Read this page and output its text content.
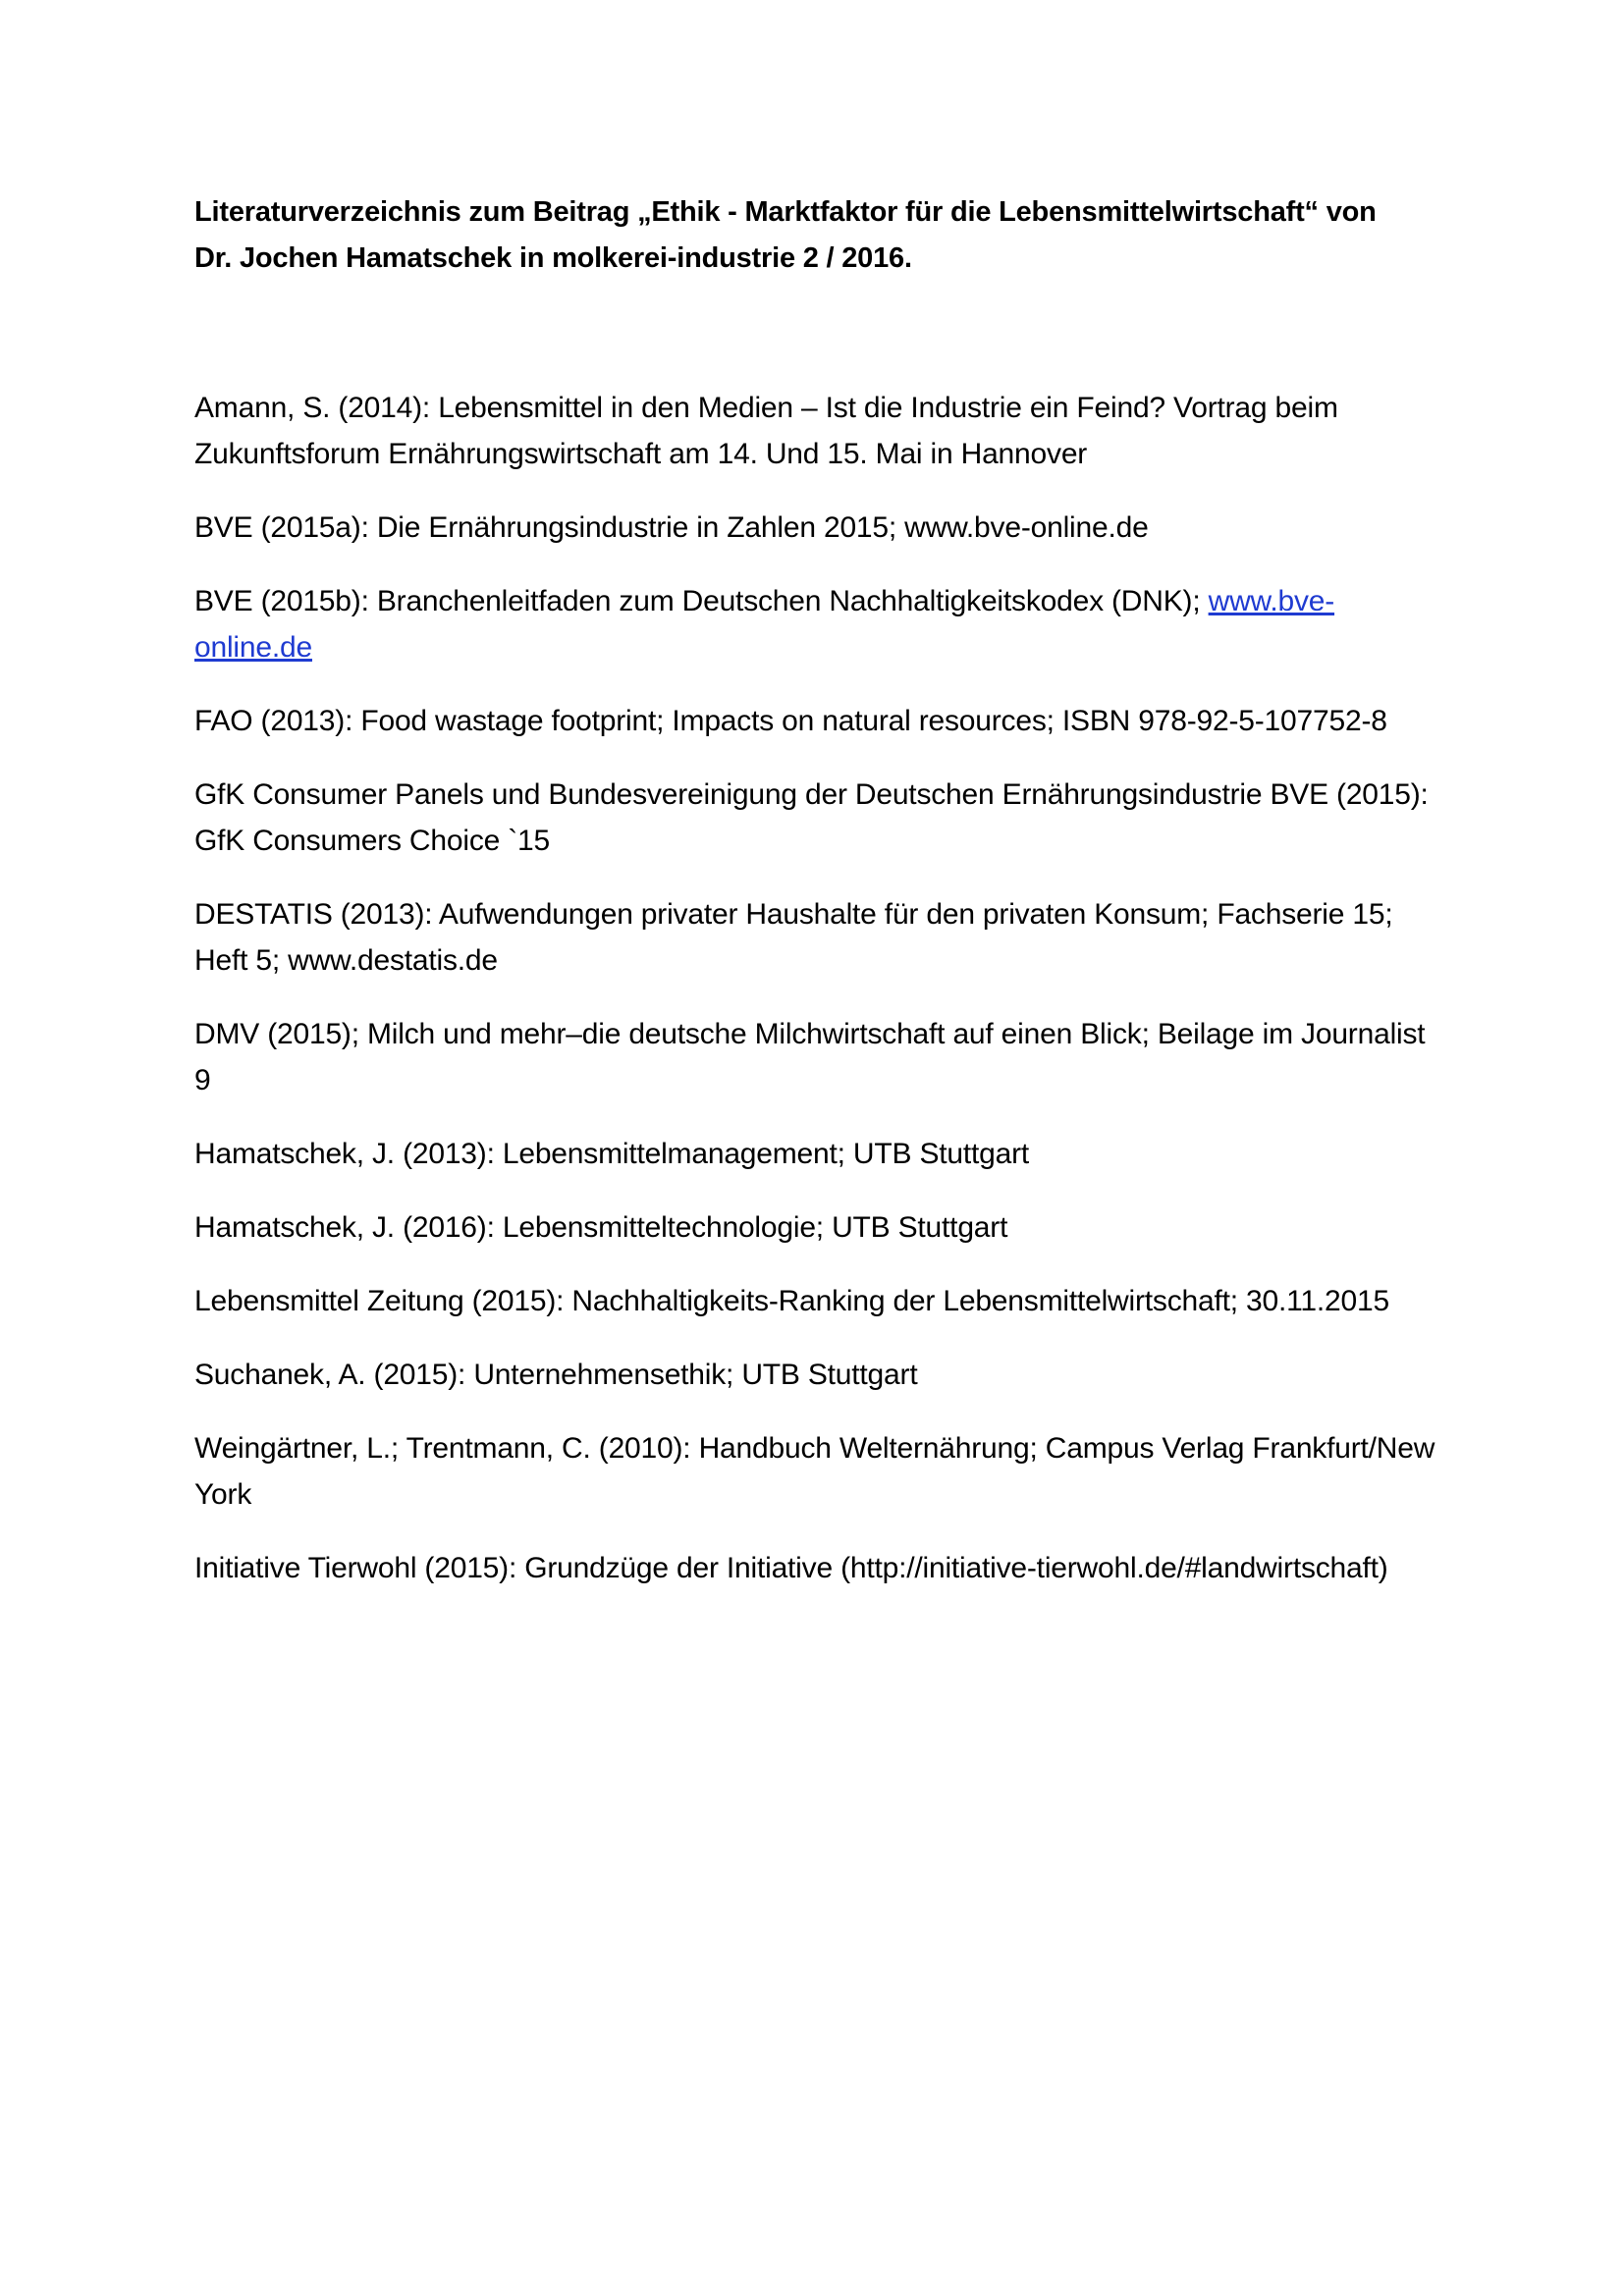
Literaturverzeichnis zum Beitrag „Ethik - Marktfaktor für die Lebensmittelwirtschaft“ von
Dr. Jochen Hamatschek in molkerei-industrie 2 / 2016.
Amann, S. (2014): Lebensmittel in den Medien – Ist die Industrie ein Feind? Vortrag beim Zukunftsforum Ernährungswirtschaft am 14. Und 15. Mai in Hannover
BVE (2015a): Die Ernährungsindustrie in Zahlen 2015; www.bve-online.de
BVE (2015b): Branchenleitfaden zum Deutschen Nachhaltigkeitskodex (DNK); www.bve-online.de
FAO (2013): Food wastage footprint; Impacts on natural resources; ISBN 978-92-5-107752-8
GfK Consumer Panels und Bundesvereinigung der Deutschen Ernährungsindustrie BVE (2015): GfK Consumers Choice `15
DESTATIS (2013): Aufwendungen privater Haushalte für den privaten Konsum; Fachserie 15; Heft 5; www.destatis.de
DMV (2015); Milch und mehr–die deutsche Milchwirtschaft auf einen Blick; Beilage im Journalist 9
Hamatschek, J. (2013): Lebensmittelmanagement; UTB Stuttgart
Hamatschek, J. (2016): Lebensmitteltechnologie; UTB Stuttgart
Lebensmittel Zeitung (2015): Nachhaltigkeits-Ranking der Lebensmittelwirtschaft; 30.11.2015
Suchanek, A. (2015): Unternehmensethik; UTB Stuttgart
Weingärtner, L.; Trentmann, C. (2010): Handbuch Welternährung; Campus Verlag Frankfurt/New York
Initiative Tierwohl (2015): Grundzüge der Initiative (http://initiative-tierwohl.de/#landwirtschaft)
